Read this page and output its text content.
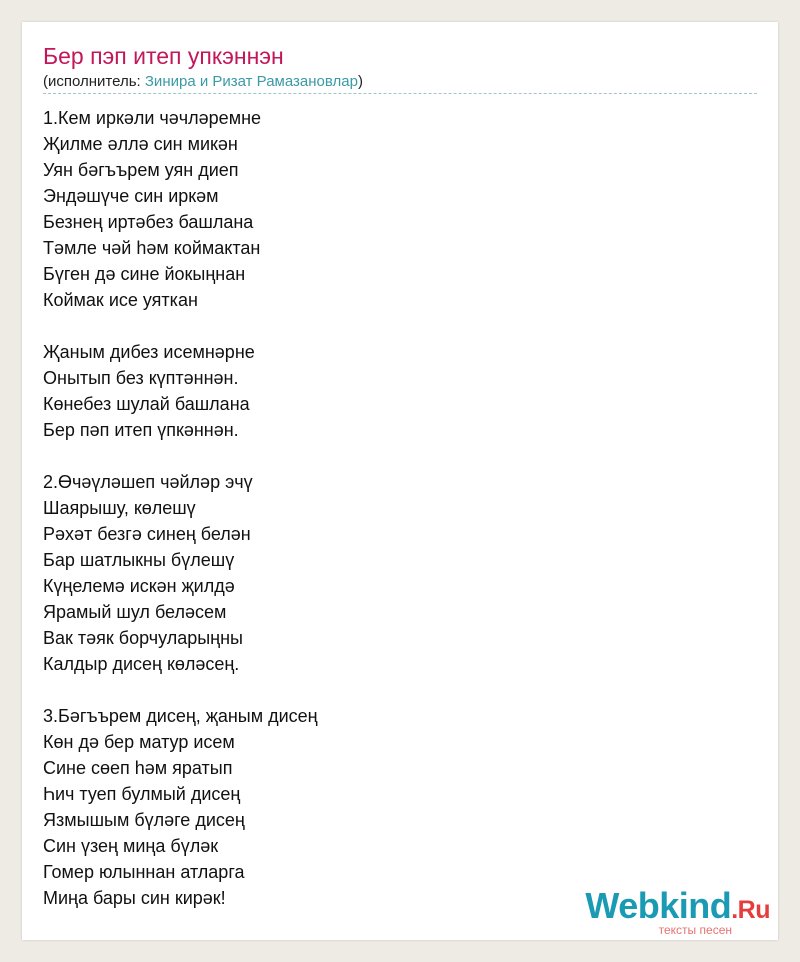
Бер пэп итеп упкэннэн
(исполнитель: Зинира и Ризат Рамазановлар)
1.Кем иркәли чәчләремне
Җилме әллә син микән
Уян бәгъърем уян диеп
Эндәшүче син иркәм
Безнең иртәбез башлана
Тәмле чәй һәм коймактан
Бүген дә сине йокыңнан
Коймак исе уяткан
Җаным дибез исемнәрне
Онытып без күптәннән.
Көнебез шулай башлана
Бер пәп итеп үпкәннән.
2.Өчәүләшеп чәйләр эчү
Шаярышу, көлешү
Рәхәт безгә синең белән
Бар шатлыкны бүлешү
Күңелемә искән җилдә
Ярамый шул беләсем
Вак тәяк борчуларыңны
Калдыр дисең көләсең.
3.Бәгъърем дисең, җаным дисең
Көн дә бер матур исем
Сине сөеп һәм яратып
Һич туеп булмый дисең
Язмышым бүләге дисең
Син үзең миңа бүләк
Гомер юлыннан атларга
Миңа бары син кирәк!	Webkind.Ru
тексты песен
